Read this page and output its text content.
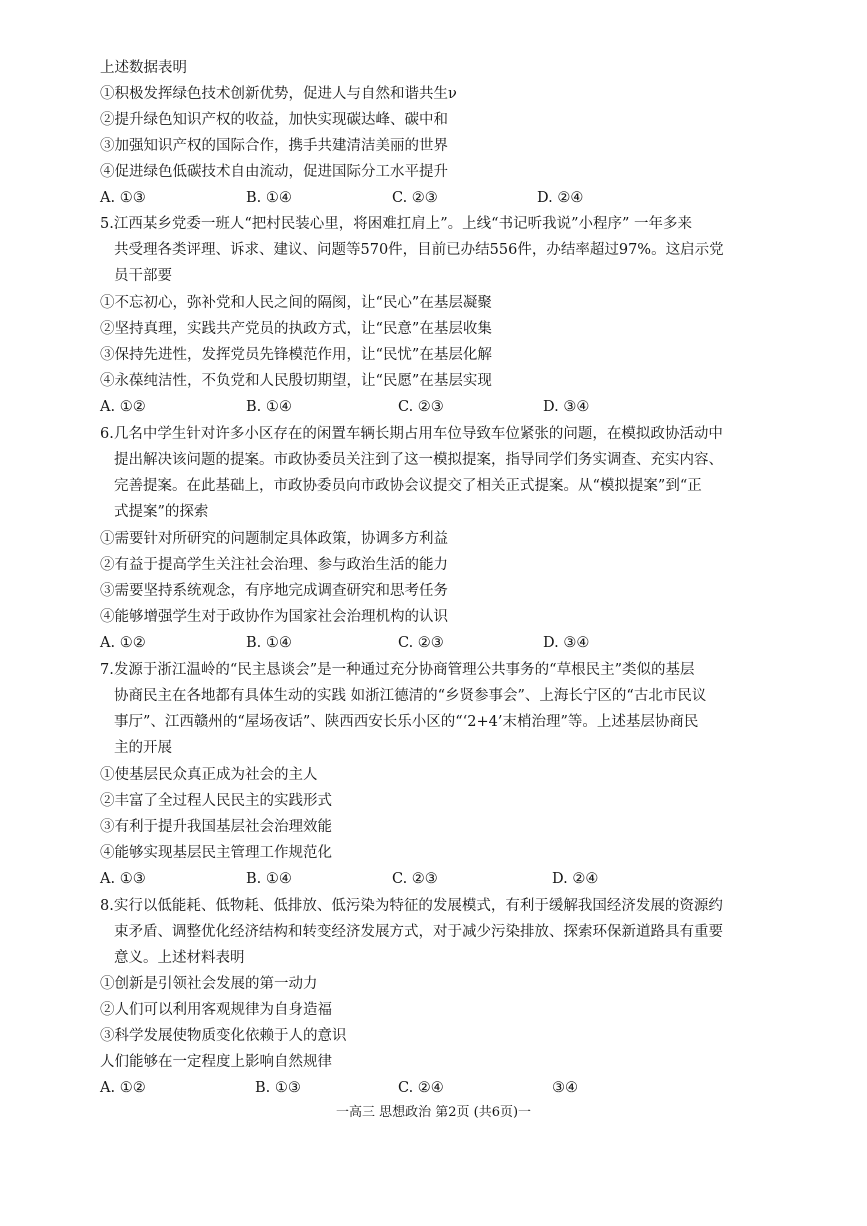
上述数据表明
①积极发挥绿色技术创新优势，促进人与自然和谐共生ν
②提升绿色知识产权的收益，加快实现碳达峰、碳中和
③加强知识产权的国际合作，携手共建清洁美丽的世界
④促进绿色低碳技术自由流动，促进国际分工水平提升
A. ①③	B. ①④	C. ②③	D. ②④
5.江西某乡党委一班人“把村民装心里，将困难扛肩上”。上线“书记听我说”小程序” 一年多来
共受理各类评理、诉求、建议、问题等570件，目前已办结556件，办结率超过97%。这启示党
员干部要
①不忘初心，弥补党和人民之间的隔阂，让“民心”在基层凝聚
②坚持真理，实践共产党员的执政方式，让“民意”在基层收集
③保持先进性，发挥党员先锋模范作用，让“民忧”在基层化解
④永葆纯洁性，不负党和人民殷切期望，让“民愿”在基层实现
A. ①②	B. ①④	C. ②③	D. ③④
6.几名中学生针对许多小区存在的闲置车辆长期占用车位导致车位紧张的问题，在模拟政协活动中
提出解决该问题的提案。市政协委员关注到了这一模拟提案，指导同学们务实调查、充实内容、
完善提案。在此基础上，市政协委员向市政协会议提交了相关正式提案。从“模拟提案”到“正
式提案”的探索
①需要针对所研究的问题制定具体政策，协调多方利益
②有益于提高学生关注社会治理、参与政治生活的能力
③需要坚持系统观念，有序地完成调查研究和思考任务
④能够增强学生对于政协作为国家社会治理机构的认识
A. ①②	B. ①④	C. ②③	D. ③④
7.发源于浙江温岭的“民主恳谈会”是一种通过充分协商管理公共事务的“草根民主”类似的基层
协商民主在各地都有具体生动的实践 如浙江德清的“乡贤参事会”、上海长宁区的“古北市民议
事厅”、江西赣州的“屋场夜话”、陕西西安长乐小区的“‘2+4’末梢治理”等。上述基层协商民
主的开展
①使基层民众真正成为社会的主人
②丰富了全过程人民民主的实践形式
③有利于提升我国基层社会治理效能
④能够实现基层民主管理工作规范化
A. ①③	B. ①④	C. ②③	D. ②④
8.实行以低能耗、低物耗、低排放、低污染为特征的发展模式，有利于缓解我国经济发展的资源约
束矛盾、调整优化经济结构和转变经济发展方式，对于减少污染排放、探索环保新道路具有重要
意义。上述材料表明
①创新是引领社会发展的第一动力
②人们可以利用客观规律为自身造福
③科学发展使物质变化依赖于人的意识
人们能够在一定程度上影响自然规律
A. ①②	B. ①③	C. ②④	③④
一高三 思想政治 第2页 (共6页)一
